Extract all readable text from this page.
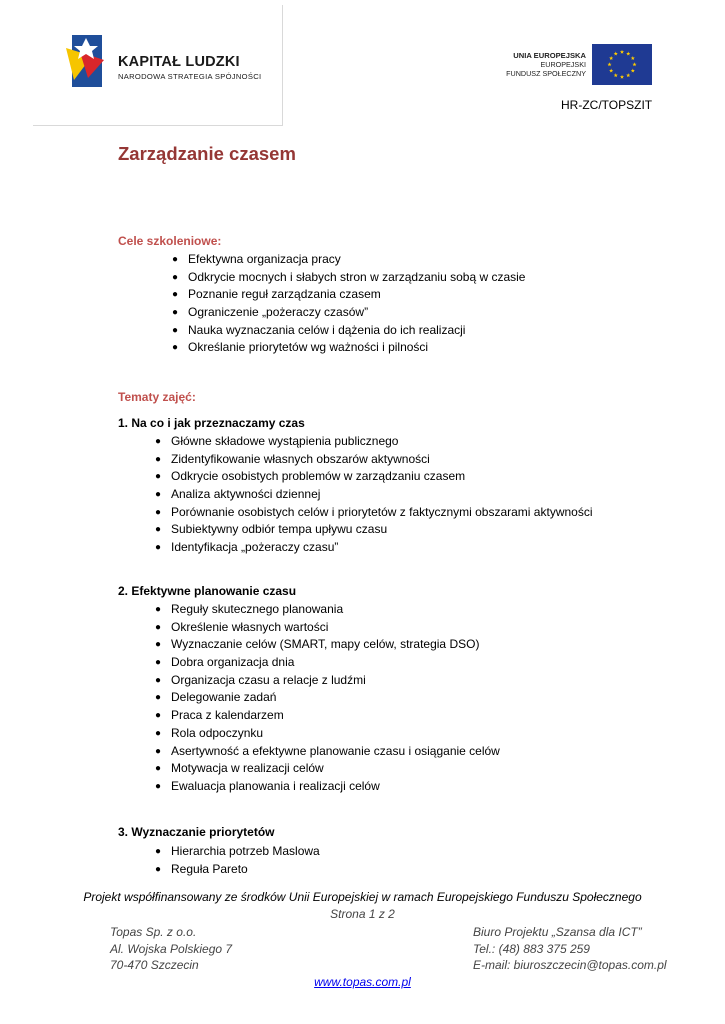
KAPITAŁ LUDZKI
NARODOWA STRATEGIA SPÓJNOŚCI
UNIA EUROPEJSKA
EUROPEJSKI
FUNDUSZ SPOŁECZNY
HR-ZC/TOPSZIT
Zarządzanie czasem
Cele szkoleniowe:
● Efektywna organizacja pracy
● Odkrycie mocnych i słabych stron w zarządzaniu sobą w czasie
● Poznanie reguł zarządzania czasem
● Ograniczenie „pożeraczy czasów”
● Nauka wyznaczania celów i dążenia do ich realizacji
● Określanie priorytetów wg ważności i pilności
Tematy zajęć:
1. Na co i jak przeznaczamy czas
● Główne składowe wystąpienia publicznego
● Zidentyfikowanie własnych obszarów aktywności
● Odkrycie osobistych problemów w zarządzaniu czasem
● Analiza aktywności dziennej
● Porównanie osobistych celów i priorytetów z faktycznymi obszarami aktywności
● Subiektywny odbiór tempa upływu czasu
● Identyfikacja „pożeraczy czasu”
2. Efektywne planowanie czasu
● Reguły skutecznego planowania
● Określenie własnych wartości
● Wyznaczanie celów (SMART, mapy celów, strategia DSO)
● Dobra organizacja dnia
● Organizacja czasu a relacje z ludźmi
● Delegowanie zadań
● Praca z kalendarzem
● Rola odpoczynku
● Asertywność a efektywne planowanie czasu i osiąganie celów
● Motywacja w realizacji celów
● Ewaluacja planowania i realizacji celów
3. Wyznaczanie priorytetów
● Hierarchia potrzeb Maslowa
● Reguła Pareto
Projekt współfinansowany ze środków Unii Europejskiej w ramach Europejskiego Funduszu Społecznego
Strona 1 z 2
Topas Sp. z o.o.
Al. Wojska Polskiego 7
70-470 Szczecin
Biuro Projektu „Szansa dla ICT”
Tel.: (48) 883 375 259
E-mail: biuroszczecin@topas.com.pl
www.topas.com.pl
